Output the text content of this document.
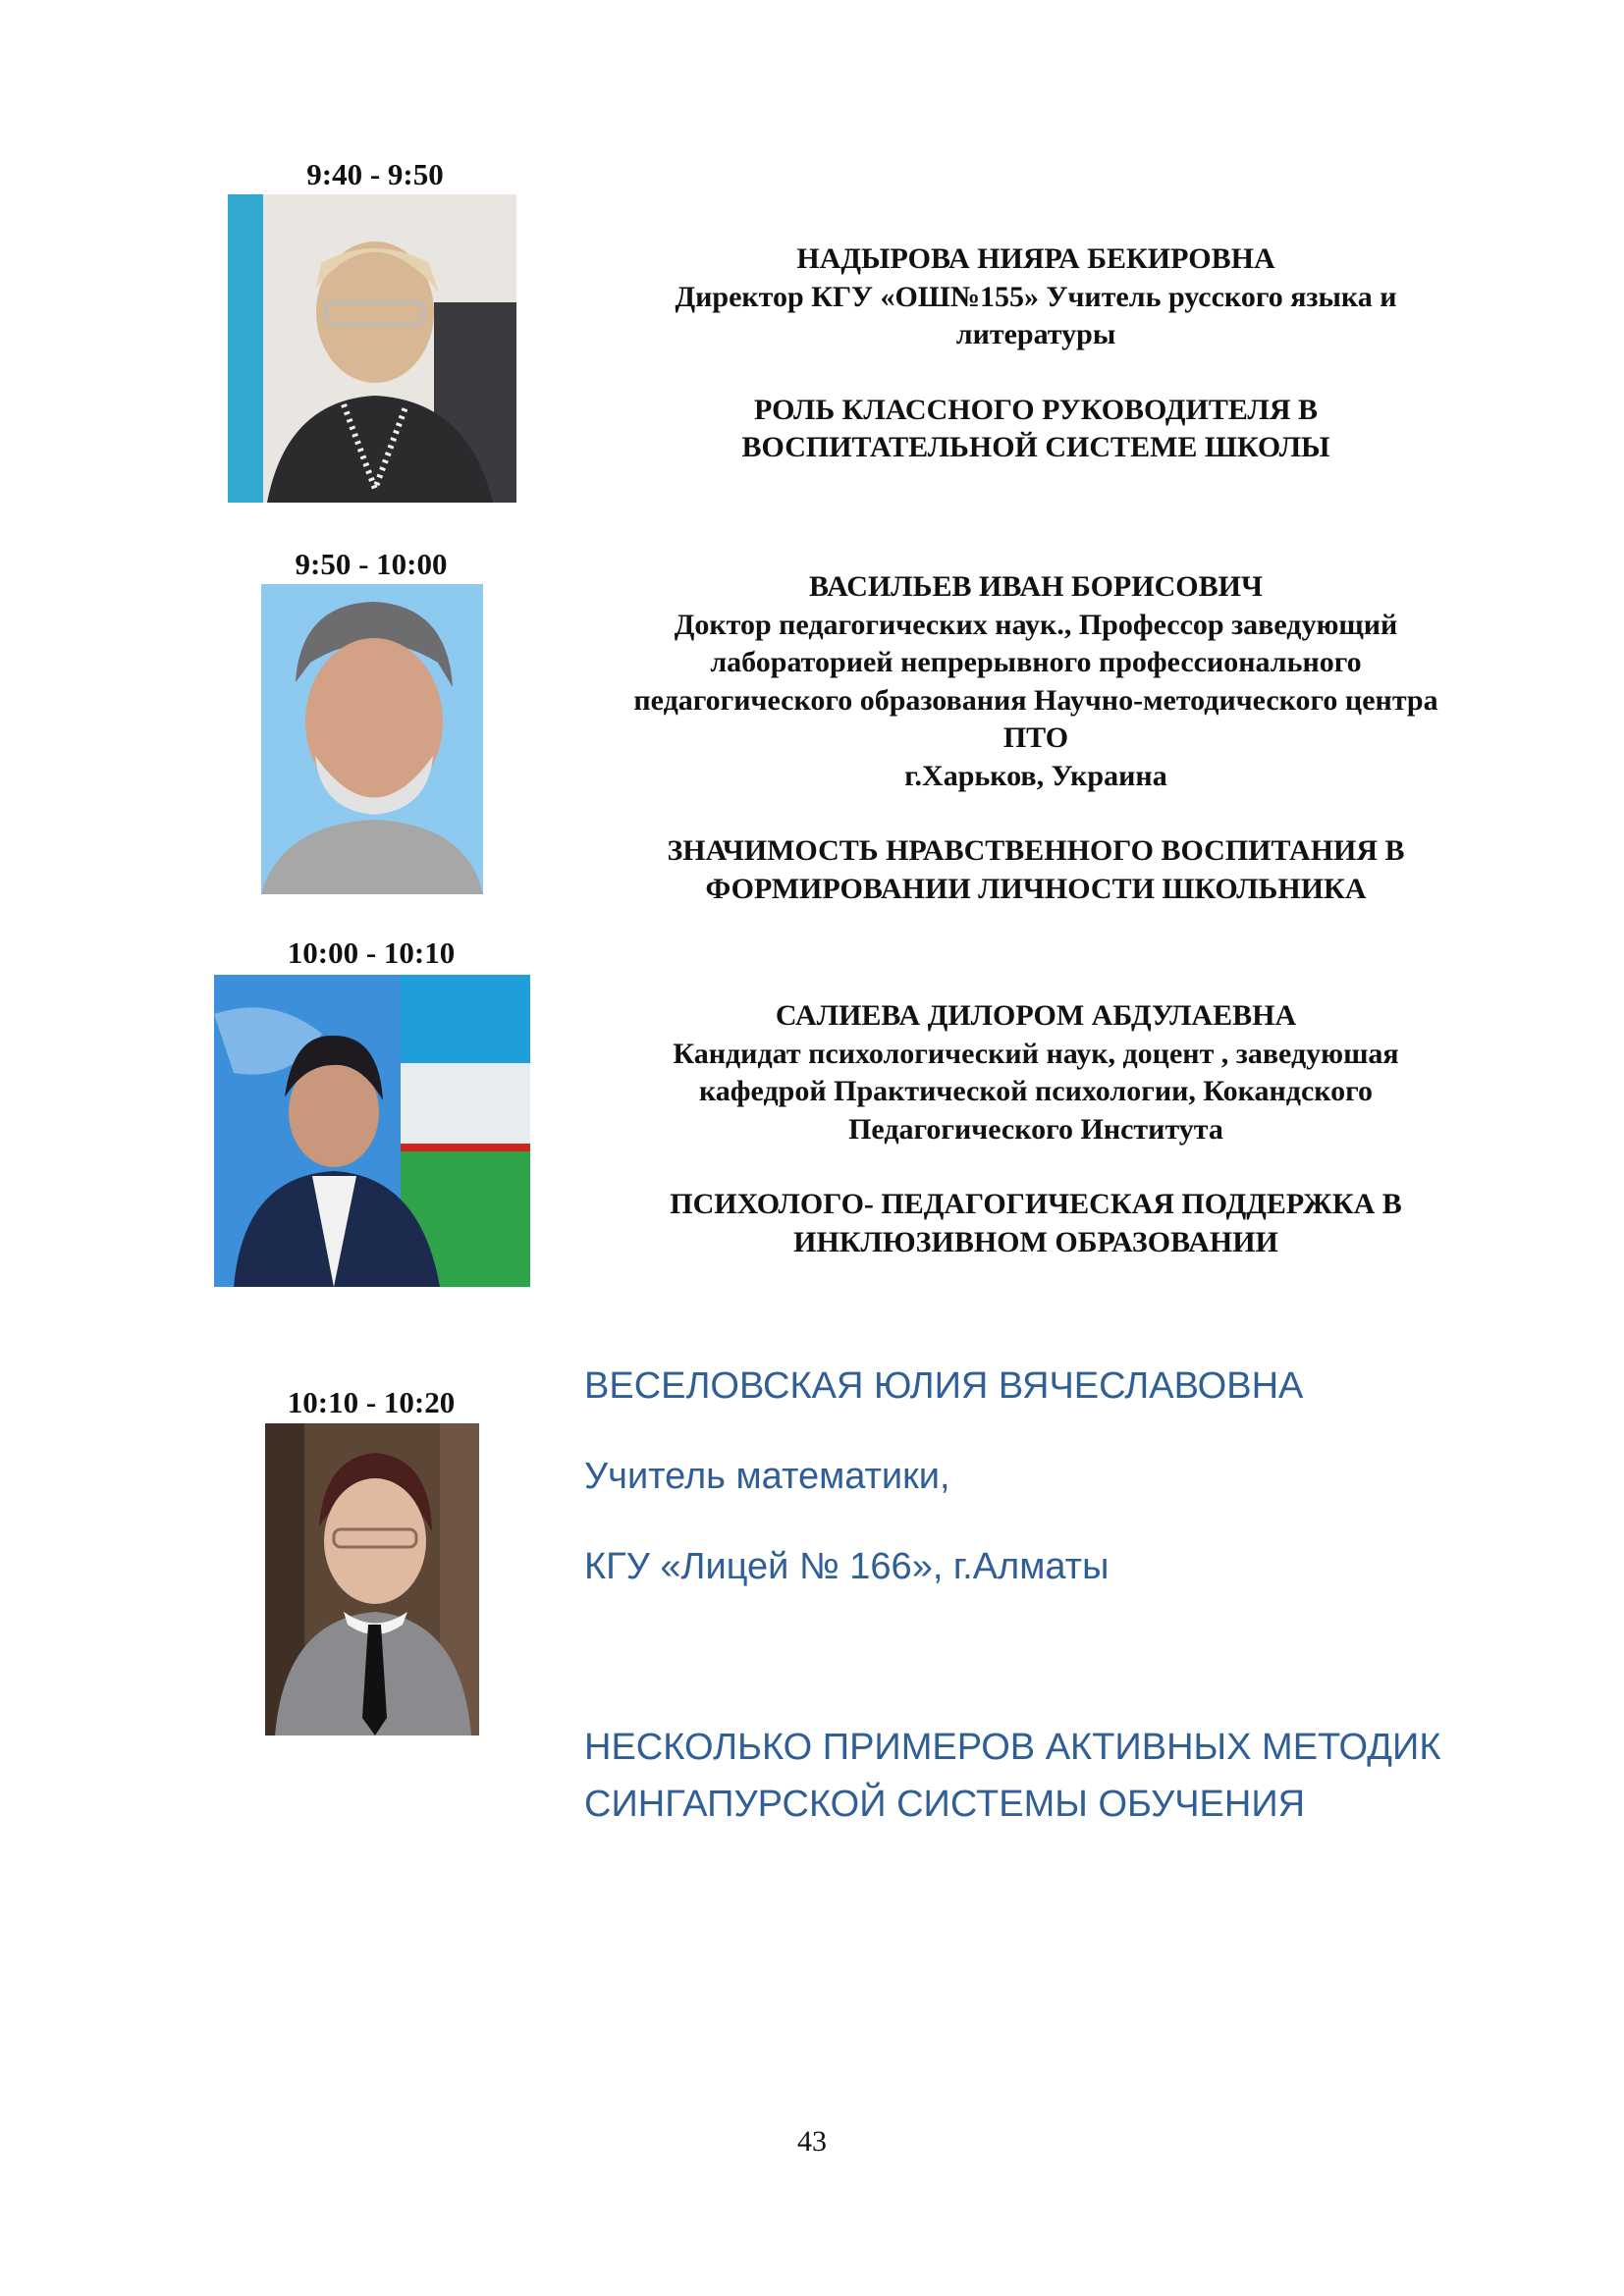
9:40 - 9:50

НАДЫРОВА НИЯРА БЕКИРОВНА

Директор КГУ «ОШ№155» Учитель русского языка и

литературы

РОЛЬ КЛАССНОГО РУКОВОДИТЕЛЯ В

ВОСПИТАТЕЛЬНОЙ СИСТЕМЕ ШКОЛЫ

9:50 - 10:00

ВАСИЛЬЕВ ИВАН БОРИСОВИЧ

Доктор педагогических наук., Профессор заведующий

лабораторией непрерывного профессионального

педагогического образования Научно-методического центра

ПТО

г.Харьков, Украина

ЗНАЧИМОСТЬ НРАВСТВЕННОГО ВОСПИТАНИЯ В

ФОРМИРОВАНИИ ЛИЧНОСТИ ШКОЛЬНИКА

10:00 - 10:10

САЛИЕВА ДИЛОРОМ АБДУЛАЕВНА

Кандидат психологический наук, доцент , заведуюшая

кафедрой Практической психологии, Кокандского

Педагогического Института

ПСИХОЛОГО- ПЕДАГОГИЧЕСКАЯ ПОДДЕРЖКА В

ИНКЛЮЗИВНОМ ОБРАЗОВАНИИ

10:10 - 10:20	ВЕСЕЛОВСКАЯ ЮЛИЯ ВЯЧЕСЛАВОВНА

Учитель математики,

КГУ «Лицей № 166», г.Алматы

НЕСКОЛЬКО ПРИМЕРОВ АКТИВНЫХ МЕТОДИК

СИНГАПУРСКОЙ СИСТЕМЫ ОБУЧЕНИЯ

43
